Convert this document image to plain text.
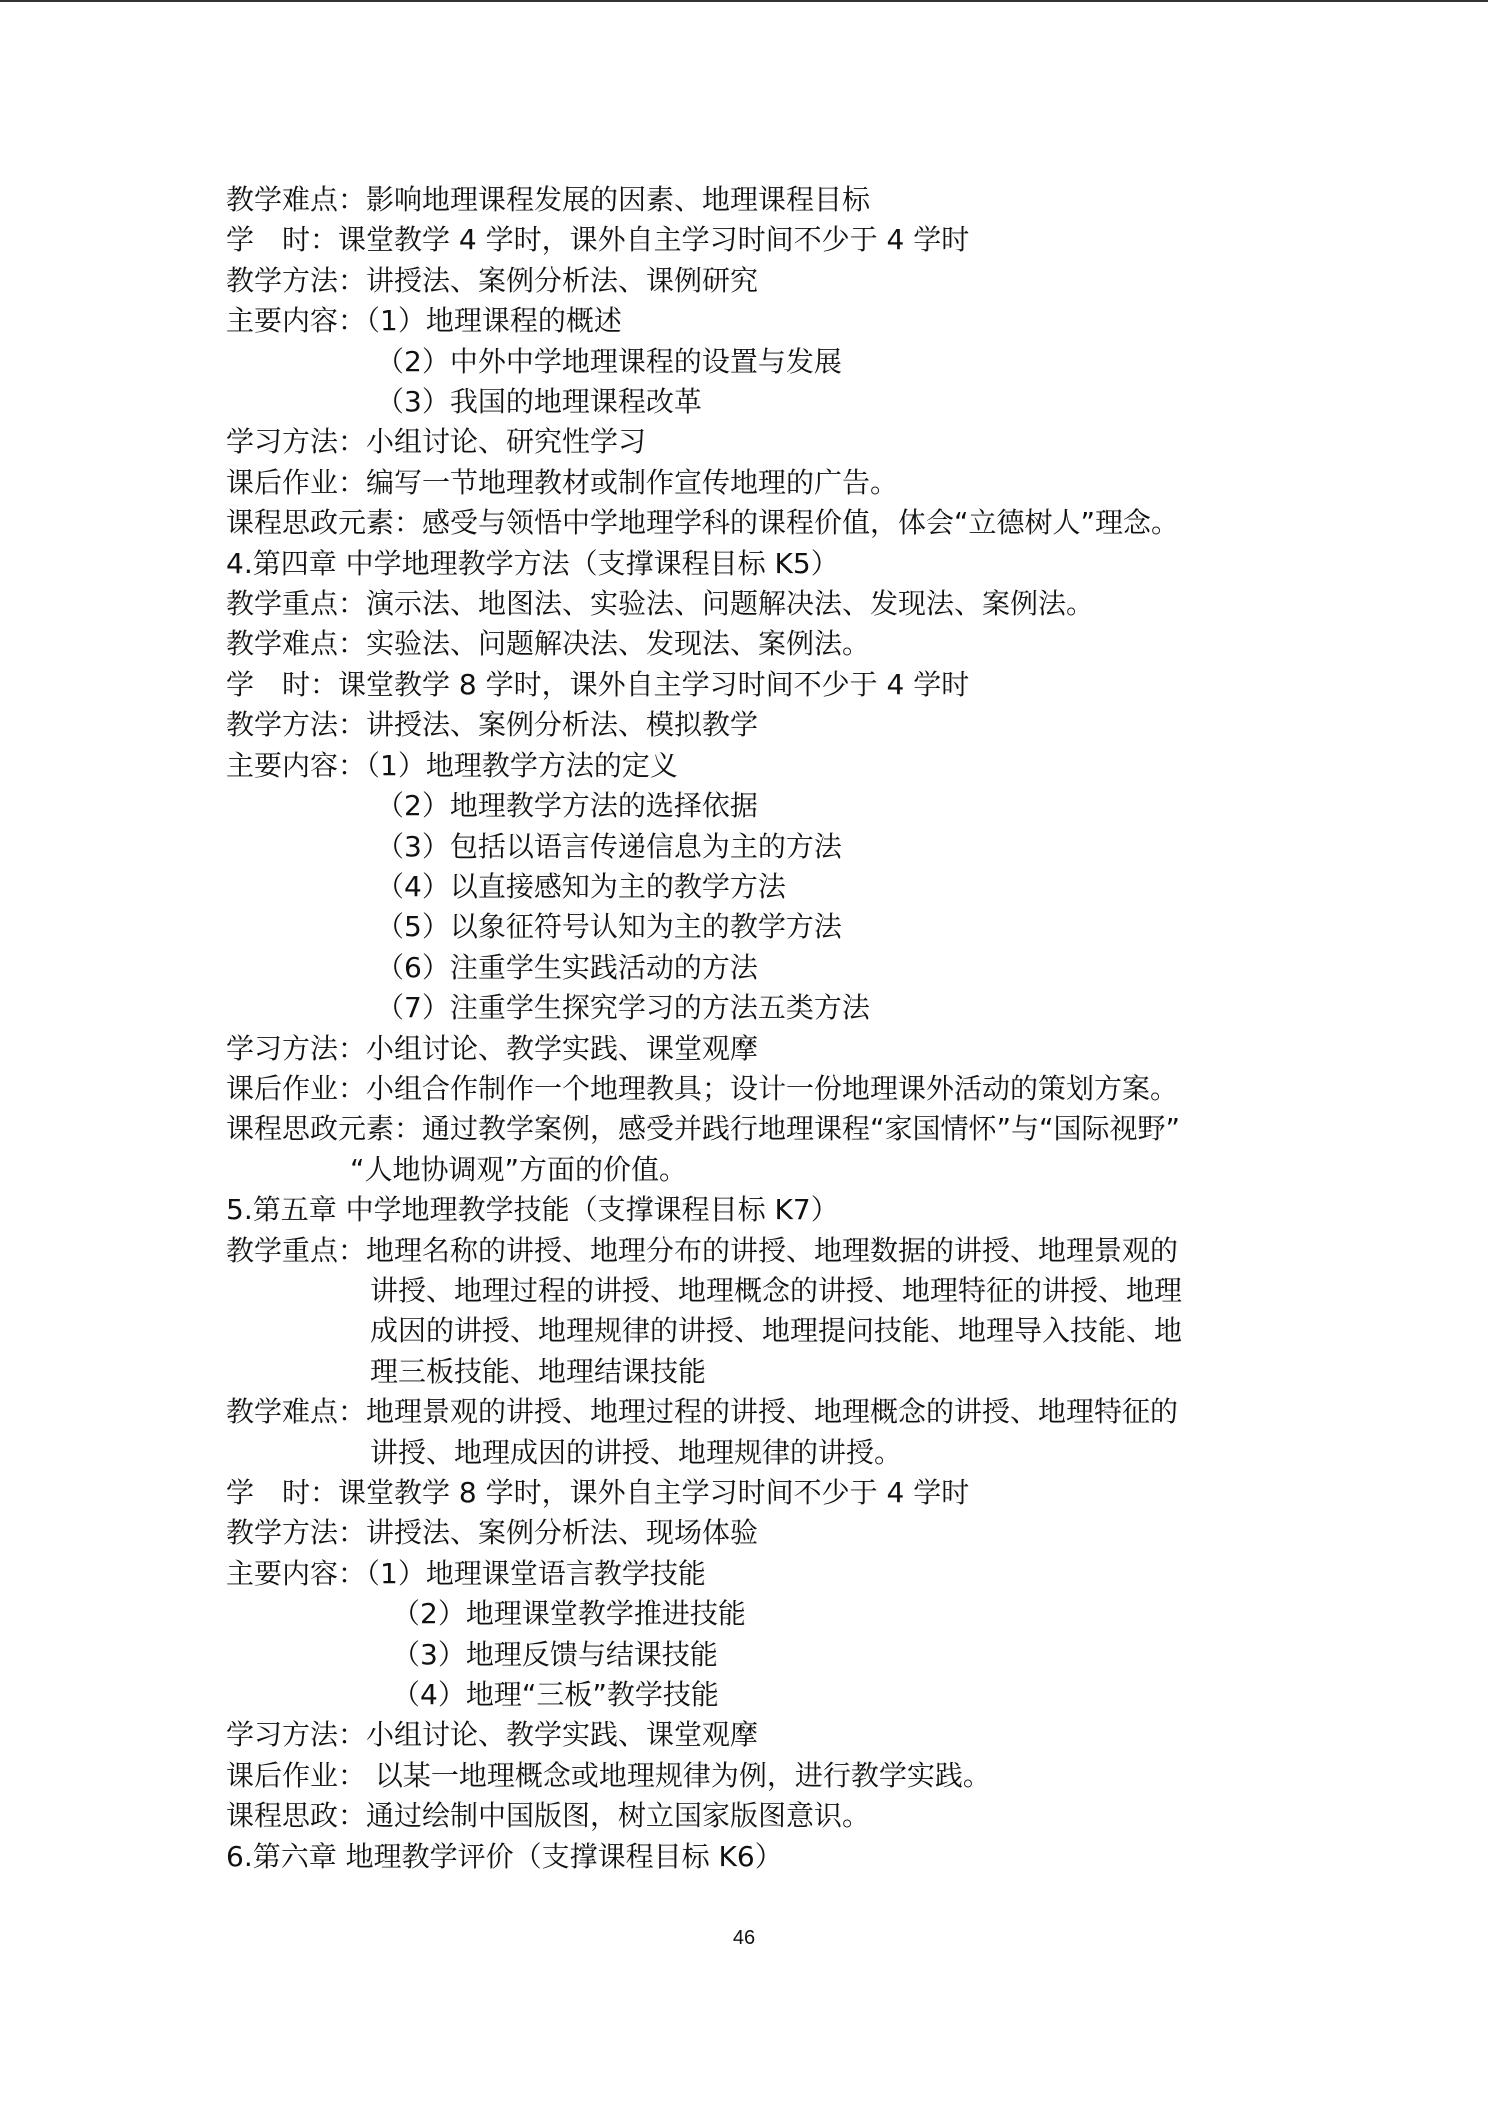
教学难点：影响地理课程发展的因素、地理课程目标
学　时：课堂教学 4 学时，课外自主学习时间不少于 4 学时
教学方法：讲授法、案例分析法、课例研究
主要内容：（1）地理课程的概述
（2）中外中学地理课程的设置与发展
（3）我国的地理课程改革
学习方法：小组讨论、研究性学习
课后作业：编写一节地理教材或制作宣传地理的广告。
课程思政元素：感受与领悟中学地理学科的课程价值，体会“立德树人”理念。
4.第四章 中学地理教学方法（支撑课程目标 K5）
教学重点：演示法、地图法、实验法、问题解决法、发现法、案例法。
教学难点：实验法、问题解决法、发现法、案例法。
学　时：课堂教学 8 学时，课外自主学习时间不少于 4 学时
教学方法：讲授法、案例分析法、模拟教学
主要内容：（1）地理教学方法的定义
（2）地理教学方法的选择依据
（3）包括以语言传递信息为主的方法
（4）以直接感知为主的教学方法
（5）以象征符号认知为主的教学方法
（6）注重学生实践活动的方法
（7）注重学生探究学习的方法五类方法
学习方法：小组讨论、教学实践、课堂观摩
课后作业：小组合作制作一个地理教具；设计一份地理课外活动的策划方案。
课程思政元素：通过教学案例，感受并践行地理课程“家国情怀”与“国际视野”
“人地协调观”方面的价值。
5.第五章 中学地理教学技能（支撑课程目标 K7）
教学重点：地理名称的讲授、地理分布的讲授、地理数据的讲授、地理景观的
讲授、地理过程的讲授、地理概念的讲授、地理特征的讲授、地理
成因的讲授、地理规律的讲授、地理提问技能、地理导入技能、地
理三板技能、地理结课技能
教学难点：地理景观的讲授、地理过程的讲授、地理概念的讲授、地理特征的
讲授、地理成因的讲授、地理规律的讲授。
学　时：课堂教学 8 学时，课外自主学习时间不少于 4 学时
教学方法：讲授法、案例分析法、现场体验
主要内容：（1）地理课堂语言教学技能
（2）地理课堂教学推进技能
（3）地理反馈与结课技能
（4）地理“三板”教学技能
学习方法：小组讨论、教学实践、课堂观摩
课后作业： 以某一地理概念或地理规律为例，进行教学实践。
课程思政：通过绘制中国版图，树立国家版图意识。
6.第六章 地理教学评价（支撑课程目标 K6）
46
